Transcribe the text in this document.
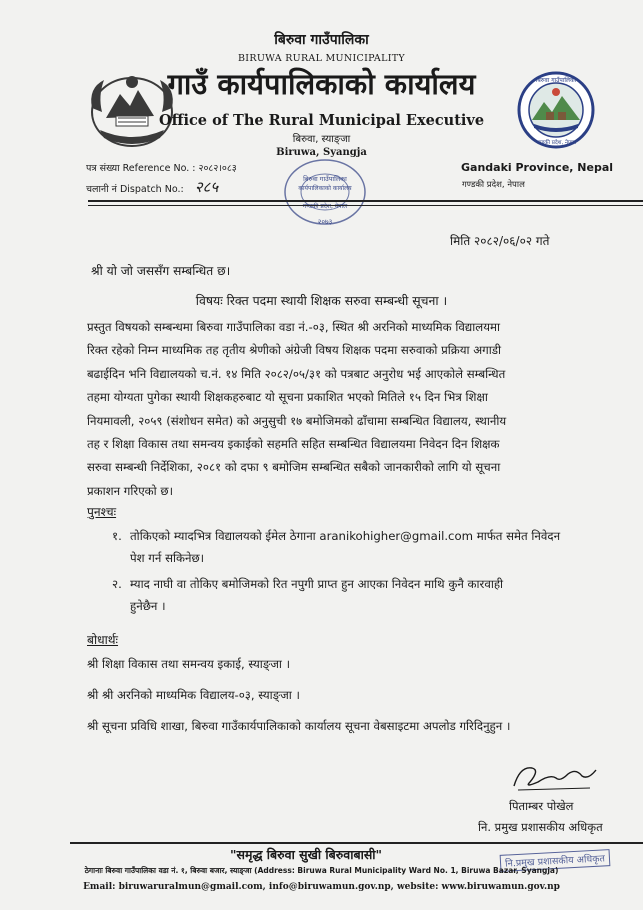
बिरुवा गाउँपालिका
गण्डकी प्रदेश, नेपाल
बिरुवा गाउँपालिका
BIRUWA RURAL MUNICIPALITY
गाउँ कार्यपालिकाको कार्यालय
Office of The Rural Municipal Executive
बिरुवा, स्याङ्जा
Biruwa, Syangja
Gandaki Province, Nepal
गण्डकी प्रदेश, नेपाल
पत्र संख्या Reference No. : २०८२।०८३
चलानी नं Dispatch No.: २८५	बिरुवा गाउँपालिका
कार्यपालिकाको कार्यालय
गण्डकी प्रदेश, नेपाल
२०७३
मिति २०८२/०६/०२ गते
श्री यो जो जससँग सम्बन्धित छ।
विषयः रिक्त पदमा स्थायी शिक्षक सरुवा सम्बन्धी सूचना ।
प्रस्तुत विषयको सम्बन्धमा बिरुवा गाउँपालिका वडा नं.-०३, स्थित श्री अरनिको माध्यमिक विद्यालयमा
रिक्त रहेको निम्न माध्यमिक तह तृतीय श्रेणीको अंग्रेजी विषय शिक्षक पदमा सरुवाको प्रक्रिया अगाडी
बढाईदिन भनि विद्यालयको च.नं. १४ मिति २०८२/०५/३१ को पत्रबाट अनुरोध भई आएकोले सम्बन्धित
तहमा योग्यता पुगेका स्थायी शिक्षकहरुबाट यो सूचना प्रकाशित भएको मितिले १५ दिन भित्र शिक्षा
नियमावली, २०५९ (संशोधन समेत) को अनुसुची १७ बमोजिमको ढाँचामा सम्बन्धित विद्यालय, स्थानीय
तह र शिक्षा विकास तथा समन्वय इकाईको सहमति सहित सम्बन्धित विद्यालयमा निवेदन दिन शिक्षक
सरुवा सम्बन्धी निर्देशिका, २०८१ को दफा ९ बमोजिम सम्बन्धित सबैको जानकारीको लागि यो सूचना
प्रकाशन गरिएको छ।
पुनश्चः
१. तोकिएको म्यादभित्र विद्यालयको ईमेल ठेगाना aranikohigher@gmail.com मार्फत समेत निवेदन
पेश गर्न सकिनेछ।
२. म्याद नाघी वा तोकिए बमोजिमको रित नपुगी प्राप्त हुन आएका निवेदन माथि कुनै कारवाही
हुनेछैन ।
बोधार्थः
श्री शिक्षा विकास तथा समन्वय इकाई, स्याङ्जा ।
श्री श्री अरनिको माध्यमिक विद्यालय-०३, स्याङ्जा ।
श्री सूचना प्रविधि शाखा, बिरुवा गाउँकार्यपालिकाको कार्यालय सूचना वेबसाइटमा अपलोड गरिदिनुहुन ।
पिताम्बर पोखेल
नि. प्रमुख प्रशासकीय अधिकृत
"समृद्ध बिरुवा सुखी बिरुवाबासी"	नि.प्रमुख प्रशासकीय अधिकृत
ठेगानाः बिरुवा गाउँपालिका वडा नं. १, बिरुवा बजार, स्याङ्जा (Address: Biruwa Rural Municipality Ward No. 1, Biruwa Bazar, Syangja)
Email: biruwaruralmun@gmail.com, info@biruwamun.gov.np, website: www.biruwamun.gov.np
